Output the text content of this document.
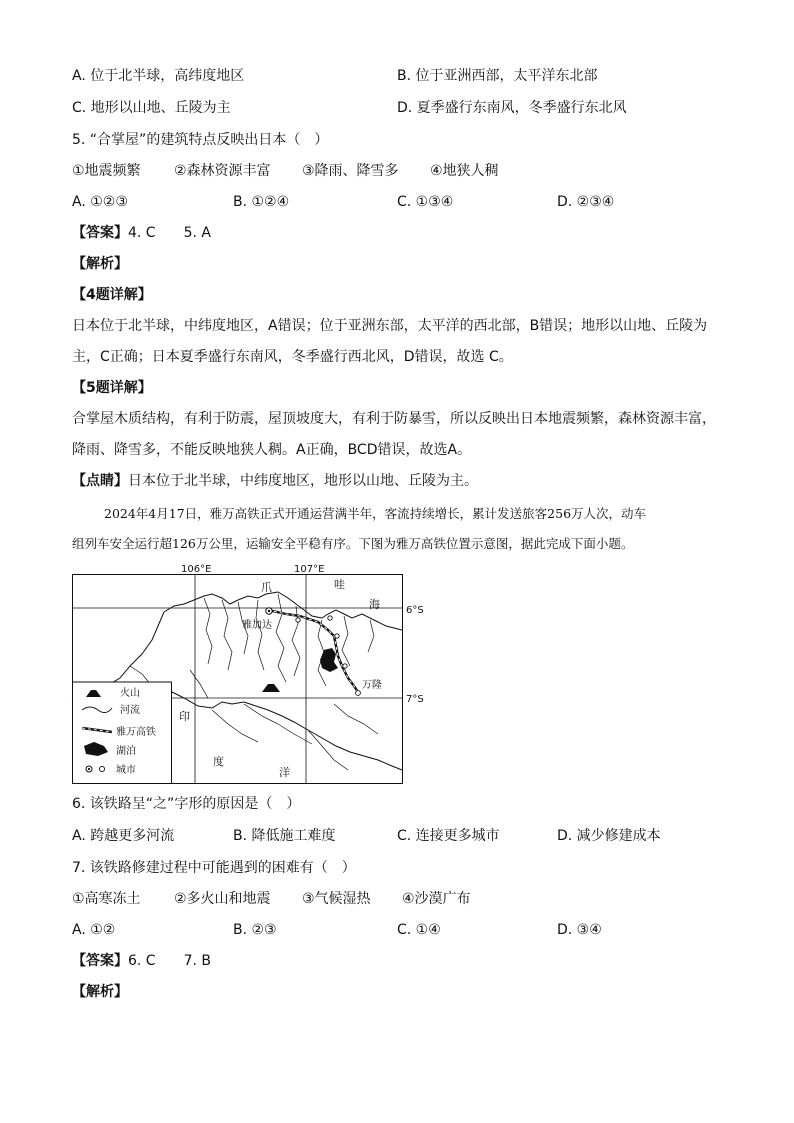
A. 位于北半球，高纬度地区	B. 位于亚洲西部，太平洋东北部
C. 地形以山地、丘陵为主	D. 夏季盛行东南风，冬季盛行东北风
5. “合掌屋”的建筑特点反映出日本（　）
①地震频繁 ②森林资源丰富 ③降雨、降雪多 ④地狭人稠
A. ①②③	B. ①②④	C. ①③④	D. ②③④
【答案】4. C　　5. A
【解析】
【4题详解】
日本位于北半球，中纬度地区，A错误；位于亚洲东部，太平洋的西北部，B错误；地形以山地、丘陵为
主，C正确；日本夏季盛行东南风，冬季盛行西北风，D错误，故选 C。
【5题详解】
合掌屋木质结构，有利于防震，屋顶坡度大，有利于防暴雪，所以反映出日本地震频繁，森林资源丰富，
降雨、降雪多，不能反映地狭人稠。A正确，BCD错误，故选A。
【点睛】日本位于北半球，中纬度地区，地形以山地、丘陵为主。
2024年4月17日，雅万高铁正式开通运营满半年，客流持续增长，累计发送旅客256万人次，动车
组列车安全运行超126万公里，运输安全平稳有序。下图为雅万高铁位置示意图，据此完成下面小题。
106°E	107°E
6°S
7°S
爪	哇
海
雅加达
万隆
印
度
洋
火山
河流
雅万高铁
湖泊
城市
6. 该铁路呈“之”字形的原因是（　）
A. 跨越更多河流	B. 降低施工难度	C. 连接更多城市	D. 减少修建成本
7. 该铁路修建过程中可能遇到的困难有（　）
①高寒冻土 ②多火山和地震 ③气候湿热 ④沙漠广布
A. ①②	B. ②③	C. ①④	D. ③④
【答案】6. C　　7. B
【解析】
